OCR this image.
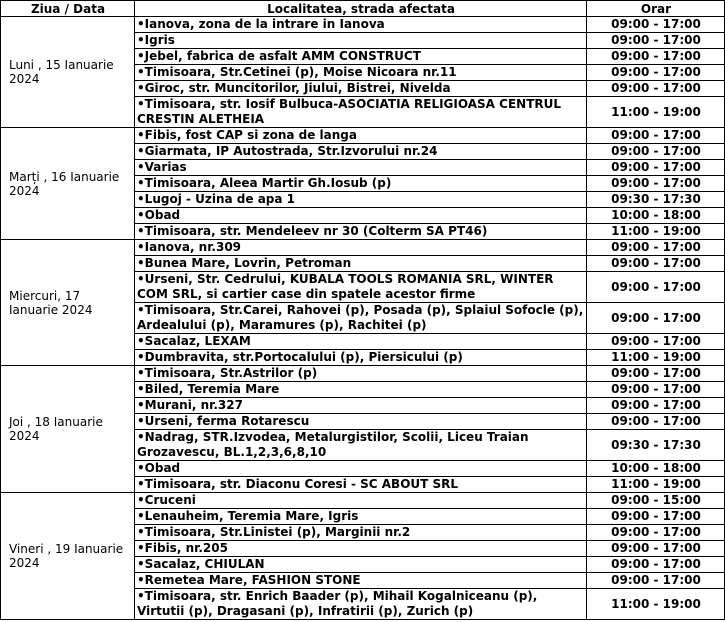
Ziua / Data	Localitatea, strada afectata	Orar
Luni , 15 Ianuarie 2024	•Ianova, zona de la intrare in Ianova	09:00 - 17:00
	•Igris	09:00 - 17:00
	•Jebel, fabrica de asfalt AMM CONSTRUCT	09:00 - 17:00
	•Timisoara, Str.Cetinei (p), Moise Nicoara nr.11	09:00 - 17:00
	•Giroc, str. Muncitorilor, Jiului, Bistrei, Nivelda	09:00 - 17:00
	•Timisoara, str. Iosif Bulbuca-ASOCIATIA RELIGIOASA CENTRUL CRESTIN ALETHEIA	11:00 - 19:00
Marți , 16 Ianuarie 2024	•Fibis, fost CAP si zona de langa	09:00 - 17:00
	•Giarmata, IP Autostrada, Str.Izvorului nr.24	09:00 - 17:00
	•Varias	09:00 - 17:00
	•Timisoara, Aleea Martir Gh.Iosub (p)	09:00 - 17:00
	•Lugoj - Uzina de apa 1	09:30 - 17:30
	•Obad	10:00 - 18:00
	•Timisoara, str. Mendeleev nr 30 (Colterm SA PT46)	11:00 - 19:00
Miercuri, 17 Ianuarie 2024	•Ianova, nr.309	09:00 - 17:00
	•Bunea Mare, Lovrin, Petroman	09:00 - 17:00
	•Urseni, Str. Cedrului, KUBALA TOOLS ROMANIA SRL, WINTER COM SRL, si cartier case din spatele acestor firme	09:00 - 17:00
	•Timisoara, Str.Carei, Rahovei (p), Posada (p), Splaiul Sofocle (p), Ardealului (p), Maramures (p), Rachitei (p)	09:00 - 17:00
	•Sacalaz, LEXAM	09:00 - 17:00
	•Dumbravita, str.Portocalului (p), Piersicului (p)	11:00 - 19:00
Joi , 18 Ianuarie 2024	•Timisoara, Str.Astrilor (p)	09:00 - 17:00
	•Biled, Teremia Mare	09:00 - 17:00
	•Murani, nr.327	09:00 - 17:00
	•Urseni, ferma Rotarescu	09:00 - 17:00
	•Nadrag, STR.Izvodea, Metalurgistilor, Scolii, Liceu Traian Grozavescu, BL.1,2,3,6,8,10	09:30 - 17:30
	•Obad	10:00 - 18:00
	•Timisoara, str. Diaconu Coresi - SC ABOUT SRL	11:00 - 19:00
Vineri , 19 Ianuarie 2024	•Cruceni	09:00 - 15:00
	•Lenauheim, Teremia Mare, Igris	09:00 - 17:00
	•Timisoara, Str.Linistei (p), Marginii nr.2	09:00 - 17:00
	•Fibis, nr.205	09:00 - 17:00
	•Sacalaz, CHIULAN	09:00 - 17:00
	•Remetea Mare, FASHION STONE	09:00 - 17:00
	•Timisoara, str. Enrich Baader (p), Mihail Kogalniceanu (p), Virtutii (p), Dragasani (p), Infratirii (p), Zurich (p)	11:00 - 19:00
